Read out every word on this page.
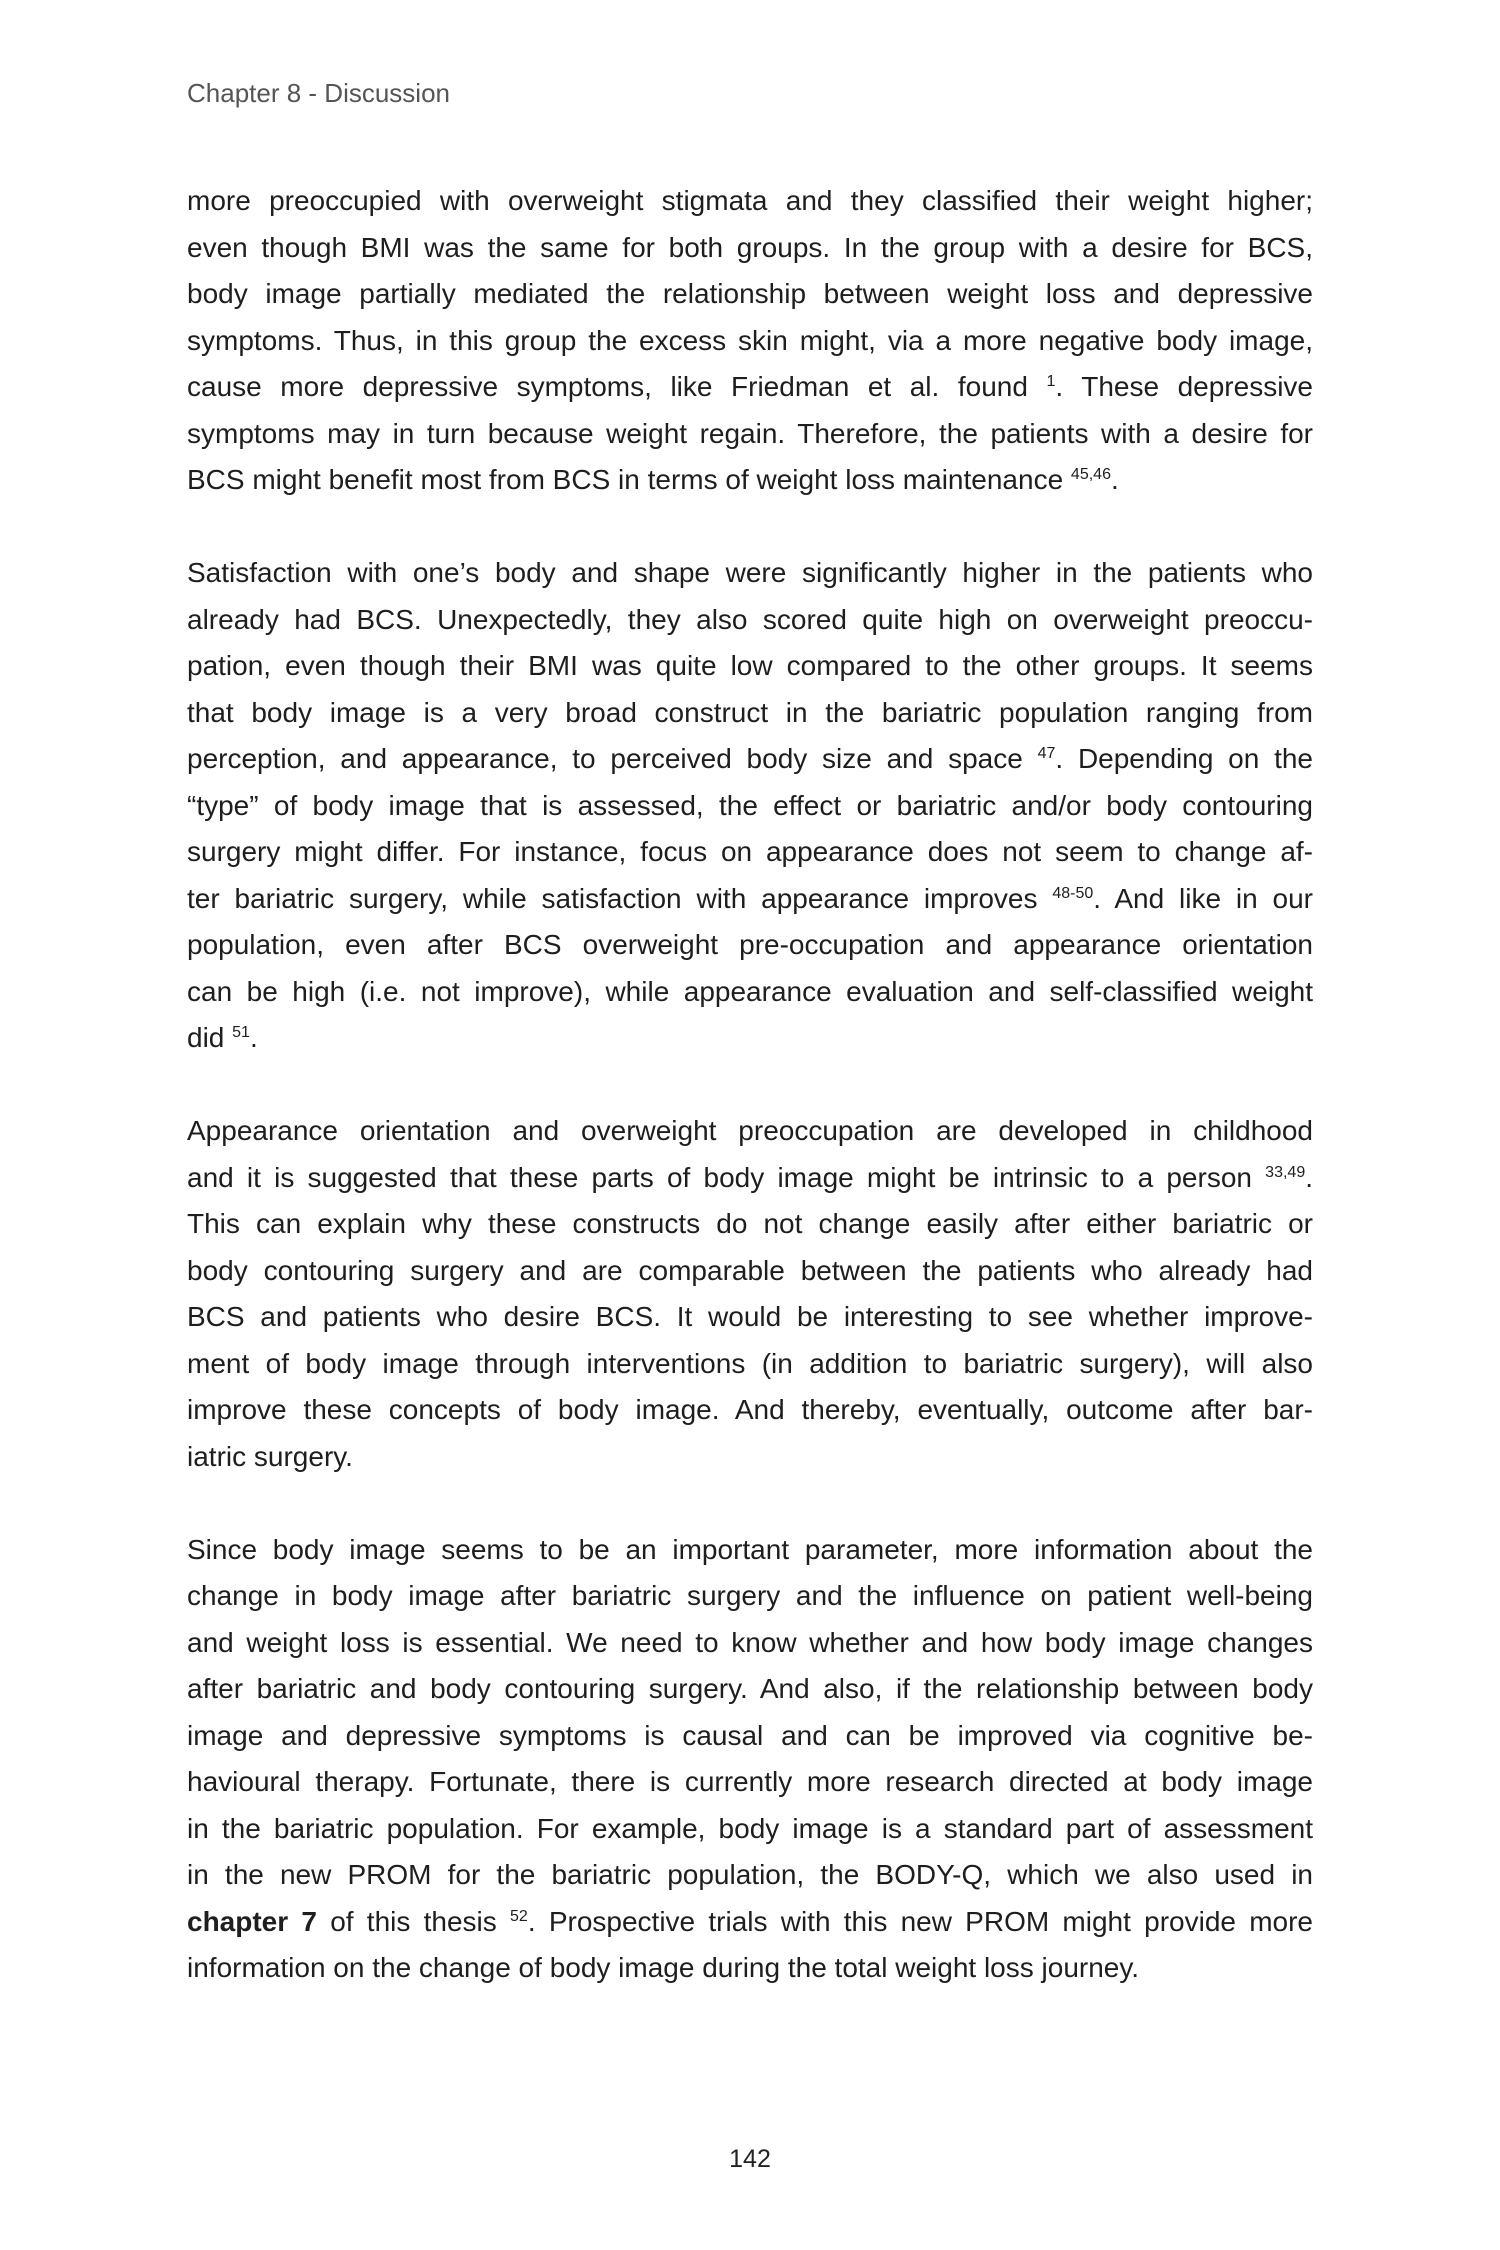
Chapter 8 - Discussion
more preoccupied with overweight stigmata and they classified their weight higher;
even though BMI was the same for both groups. In the group with a desire for BCS,
body image partially mediated the relationship between weight loss and depressive
symptoms. Thus, in this group the excess skin might, via a more negative body image,
cause more depressive symptoms, like Friedman et al. found $^1$. These depressive
symptoms may in turn because weight regain. Therefore, the patients with a desire for
BCS might benefit most from BCS in terms of weight loss maintenance $^{45,46}$.
Satisfaction with one’s body and shape were significantly higher in the patients who
already had BCS. Unexpectedly, they also scored quite high on overweight preoccu-
pation, even though their BMI was quite low compared to the other groups. It seems
that body image is a very broad construct in the bariatric population ranging from
perception, and appearance, to perceived body size and space $^{47}$. Depending on the
“type” of body image that is assessed, the effect or bariatric and/or body contouring
surgery might differ. For instance, focus on appearance does not seem to change af-
ter bariatric surgery, while satisfaction with appearance improves $^{48-50}$. And like in our
population, even after BCS overweight pre-occupation and appearance orientation
can be high (i.e. not improve), while appearance evaluation and self-classified weight
did $^{51}$.
Appearance orientation and overweight preoccupation are developed in childhood
and it is suggested that these parts of body image might be intrinsic to a person $^{33,49}$.
This can explain why these constructs do not change easily after either bariatric or
body contouring surgery and are comparable between the patients who already had
BCS and patients who desire BCS. It would be interesting to see whether improve-
ment of body image through interventions (in addition to bariatric surgery), will also
improve these concepts of body image. And thereby, eventually, outcome after bar-
iatric surgery.
Since body image seems to be an important parameter, more information about the
change in body image after bariatric surgery and the influence on patient well-being
and weight loss is essential. We need to know whether and how body image changes
after bariatric and body contouring surgery. And also, if the relationship between body
image and depressive symptoms is causal and can be improved via cognitive be-
havioural therapy. Fortunate, there is currently more research directed at body image
in the bariatric population. For example, body image is a standard part of assessment
in the new PROM for the bariatric population, the BODY-Q, which we also used in
chapter 7 of this thesis $^{52}$. Prospective trials with this new PROM might provide more
information on the change of body image during the total weight loss journey.
142
